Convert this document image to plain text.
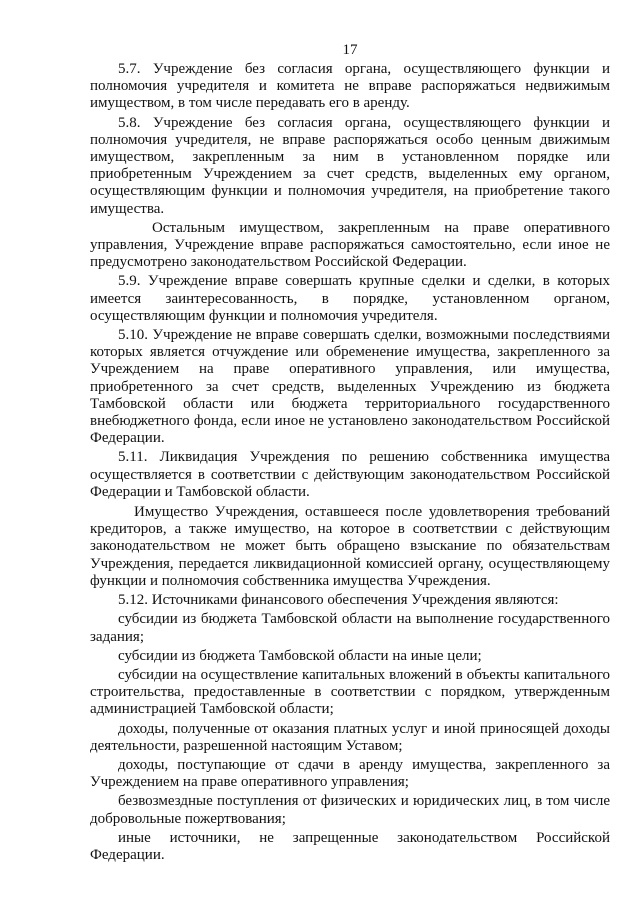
17

5.7. Учреждение без согласия органа, осуществляющего функции и полномочия учредителя и комитета не вправе распоряжаться недвижимым имуществом, в том числе передавать его в аренду.

5.8. Учреждение без согласия органа, осуществляющего функции и полномочия учредителя, не вправе распоряжаться особо ценным движимым имуществом, закрепленным за ним в установленном порядке или приобретенным Учреждением за счет средств, выделенных ему органом, осуществляющим функции и полномочия учредителя, на приобретение такого имущества.

Остальным имуществом, закрепленным на праве оперативного управления, Учреждение вправе распоряжаться самостоятельно, если иное не предусмотрено законодательством Российской Федерации.

5.9. Учреждение вправе совершать крупные сделки и сделки, в которых имеется заинтересованность, в порядке, установленном органом, осуществляющим функции и полномочия учредителя.

5.10. Учреждение не вправе совершать сделки, возможными последствиями которых является отчуждение или обременение имущества, закрепленного за Учреждением на праве оперативного управления, или имущества, приобретенного за счет средств, выделенных Учреждению из бюджета Тамбовской области или бюджета территориального государственного внебюджетного фонда, если иное не установлено законодательством Российской Федерации.

5.11. Ликвидация Учреждения по решению собственника имущества осуществляется в соответствии с действующим законодательством Российской Федерации и Тамбовской области.

Имущество Учреждения, оставшееся после удовлетворения требований кредиторов, а также имущество, на которое в соответствии с действующим законодательством не может быть обращено взыскание по обязательствам Учреждения, передается ликвидационной комиссией органу, осуществляющему функции и полномочия собственника имущества Учреждения.

5.12. Источниками финансового обеспечения Учреждения являются:

субсидии из бюджета Тамбовской области на выполнение государственного задания;

субсидии из бюджета Тамбовской области на иные цели;

субсидии на осуществление капитальных вложений в объекты капитального строительства, предоставленные в соответствии с порядком, утвержденным администрацией Тамбовской области;

доходы, полученные от оказания платных услуг и иной приносящей доходы деятельности, разрешенной настоящим Уставом;

доходы, поступающие от сдачи в аренду имущества, закрепленного за Учреждением на праве оперативного управления;

безвозмездные поступления от физических и юридических лиц, в том числе добровольные пожертвования;

иные источники, не запрещенные законодательством Российской Федерации.
